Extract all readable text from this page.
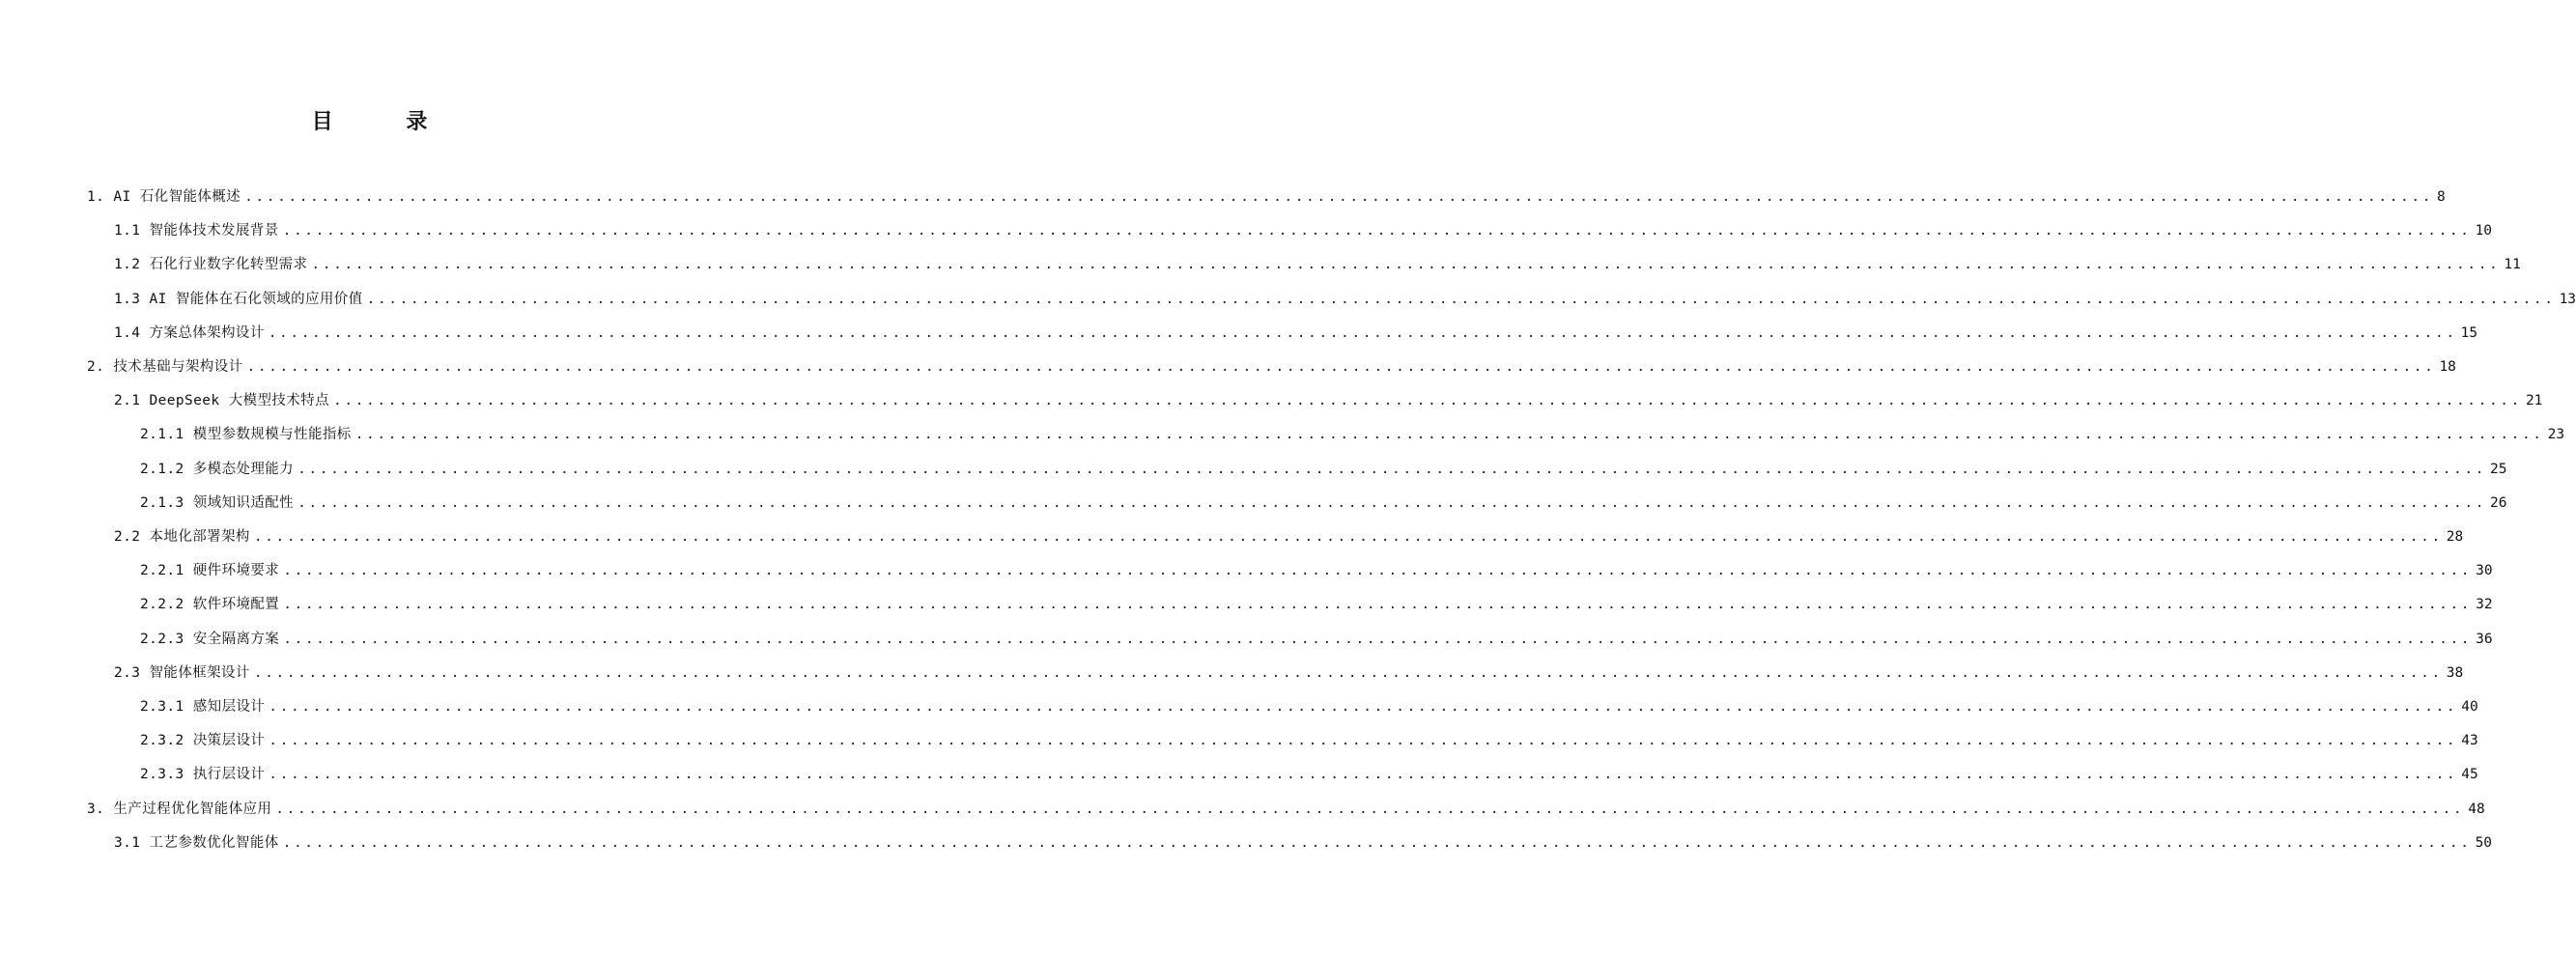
目 录
1. AI 石化智能体概述 ........................................................................................................................................................................................................ 8
1.1 智能体技术发展背景 ........................................................................................................................................................................................................ 10
1.2 石化行业数字化转型需求 ........................................................................................................................................................................................................ 11
1.3 AI 智能体在石化领域的应用价值 ........................................................................................................................................................................................................ 13
1.4 方案总体架构设计 ........................................................................................................................................................................................................ 15
2. 技术基础与架构设计 ........................................................................................................................................................................................................ 18
2.1 DeepSeek 大模型技术特点 ........................................................................................................................................................................................................ 21
2.1.1 模型参数规模与性能指标 ........................................................................................................................................................................................................ 23
2.1.2 多模态处理能力 ........................................................................................................................................................................................................ 25
2.1.3 领域知识适配性 ........................................................................................................................................................................................................ 26
2.2 本地化部署架构 ........................................................................................................................................................................................................ 28
2.2.1 硬件环境要求 ........................................................................................................................................................................................................ 30
2.2.2 软件环境配置 ........................................................................................................................................................................................................ 32
2.2.3 安全隔离方案 ........................................................................................................................................................................................................ 36
2.3 智能体框架设计 ........................................................................................................................................................................................................ 38
2.3.1 感知层设计 ........................................................................................................................................................................................................ 40
2.3.2 决策层设计 ........................................................................................................................................................................................................ 43
2.3.3 执行层设计 ........................................................................................................................................................................................................ 45
3. 生产过程优化智能体应用 ........................................................................................................................................................................................................ 48
3.1 工艺参数优化智能体 ........................................................................................................................................................................................................ 50
